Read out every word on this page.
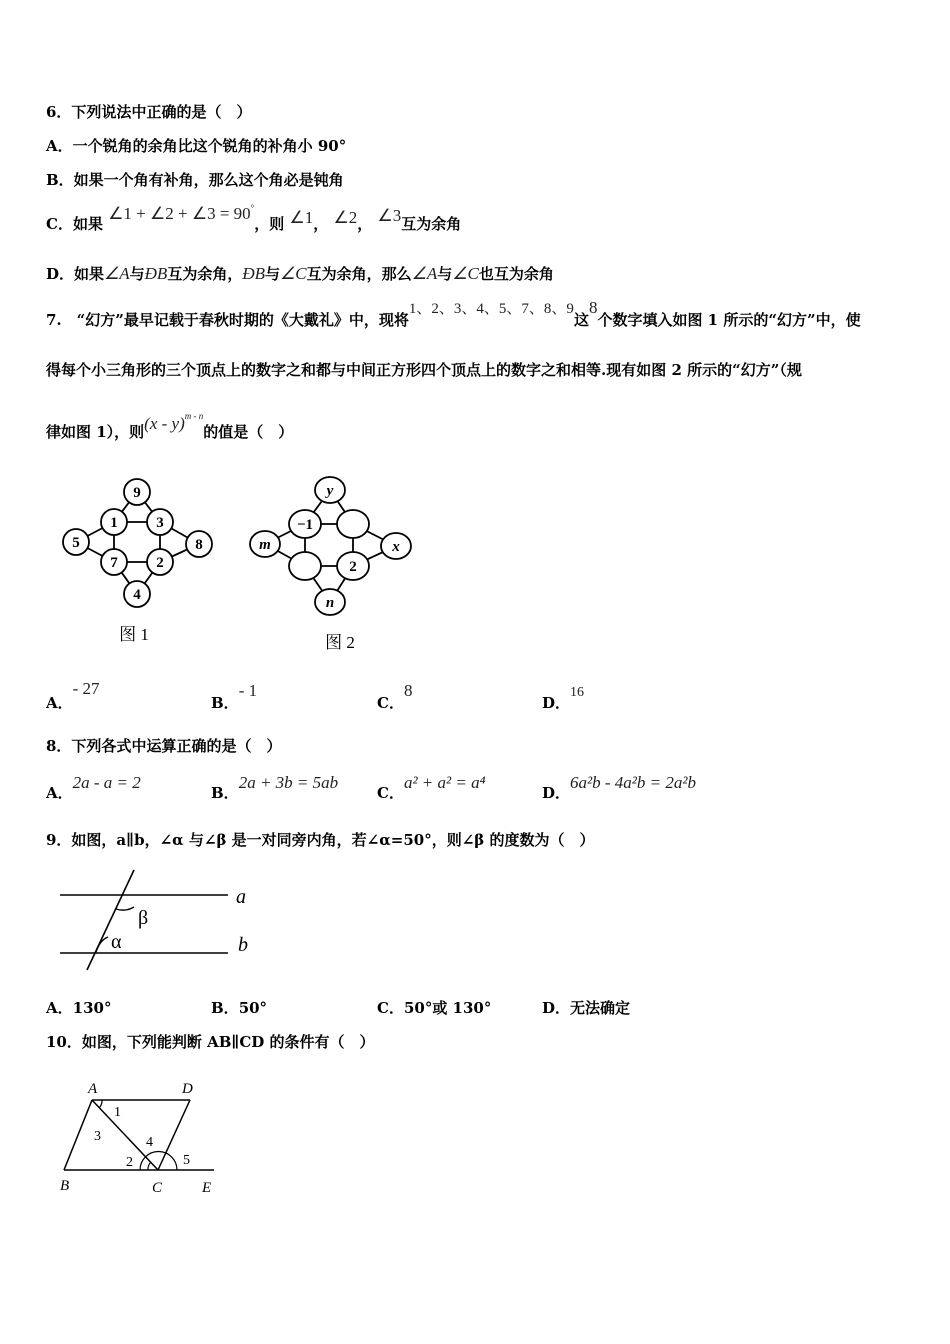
6．下列说法中正确的是（　）
A．一个锐角的余角比这个锐角的补角小 90°
B．如果一个角有补角，那么这个角必是钝角
C．如果 ∠1 + ∠2 + ∠3 = 90°，则 ∠1， ∠2， ∠3互为余角
D．如果∠A与ÐB互为余角，ÐB与∠C互为余角，那么∠A与∠C也互为余角
7.　“幻方”最早记载于春秋时期的《大戴礼》中，现将1、2、3、4、5、7、8、9这8个数字填入如图 1 所示的“幻方”中，使
得每个小三角形的三个顶点上的数字之和都与中间正方形四个顶点上的数字之和相等.现有如图 2 所示的“幻方”（规
律如图 1），则(x - y)$^{m - n}$的值是（　）
9
1	3
7	2
5	8
4
图 1
y
−1
2
m	x
n
图 2
A．- 27
B．- 1
C．8
D．16
8．下列各式中运算正确的是（　）
A．2a - a = 2
B．2a + 3b = 5ab
C．a² + a² = a⁴
D．6a²b - 4a²b = 2a²b
9．如图，a∥b，∠α 与∠β 是一对同旁内角，若∠α=50°，则∠β 的度数为（　）
β
α
a
b
A．130°	B．50°	C．50°或 130°	D．无法确定
10．如图，下列能判断 AB∥CD 的条件有（　）
A	D
B	C	E
1
3
2
4
5
